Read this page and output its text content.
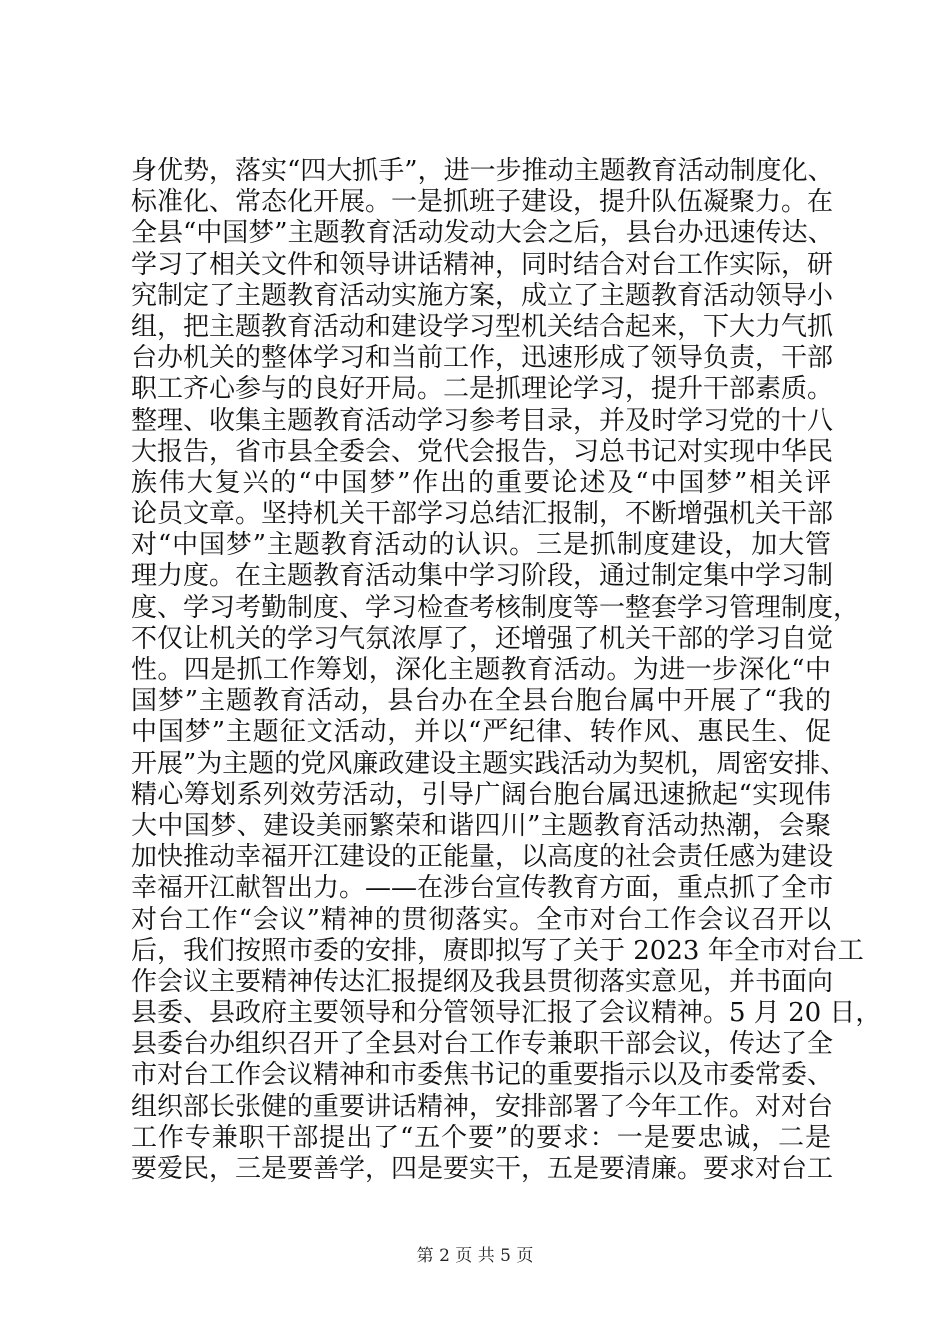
身优势，落实“四大抓手”，进一步推动主题教育活动制度化、
标准化、常态化开展。一是抓班子建设，提升队伍凝聚力。在
全县“中国梦”主题教育活动发动大会之后，县台办迅速传达、
学习了相关文件和领导讲话精神，同时结合对台工作实际，研
究制定了主题教育活动实施方案，成立了主题教育活动领导小
组，把主题教育活动和建设学习型机关结合起来，下大力气抓
台办机关的整体学习和当前工作，迅速形成了领导负责，干部
职工齐心参与的良好开局。二是抓理论学习，提升干部素质。
整理、收集主题教育活动学习参考目录，并及时学习党的十八
大报告，省市县全委会、党代会报告，习总书记对实现中华民
族伟大复兴的“中国梦”作出的重要论述及“中国梦”相关评
论员文章。坚持机关干部学习总结汇报制，不断增强机关干部
对“中国梦”主题教育活动的认识。三是抓制度建设，加大管
理力度。在主题教育活动集中学习阶段，通过制定集中学习制
度、学习考勤制度、学习检查考核制度等一整套学习管理制度，
不仅让机关的学习气氛浓厚了，还增强了机关干部的学习自觉
性。四是抓工作筹划，深化主题教育活动。为进一步深化“中
国梦”主题教育活动，县台办在全县台胞台属中开展了“我的
中国梦”主题征文活动，并以“严纪律、转作风、惠民生、促
开展”为主题的党风廉政建设主题实践活动为契机，周密安排、
精心筹划系列效劳活动，引导广阔台胞台属迅速掀起“实现伟
大中国梦、建设美丽繁荣和谐四川”主题教育活动热潮，会聚
加快推动幸福开江建设的正能量，以高度的社会责任感为建设
幸福开江献智出力。——在涉台宣传教育方面，重点抓了全市
对台工作“会议”精神的贯彻落实。全市对台工作会议召开以
后，我们按照市委的安排，赓即拟写了关于 2023 年全市对台工
作会议主要精神传达汇报提纲及我县贯彻落实意见，并书面向
县委、县政府主要领导和分管领导汇报了会议精神。5 月 20 日，
县委台办组织召开了全县对台工作专兼职干部会议，传达了全
市对台工作会议精神和市委焦书记的重要指示以及市委常委、
组织部长张健的重要讲话精神，安排部署了今年工作。对对台
工作专兼职干部提出了“五个要”的要求：一是要忠诚，二是
要爱民，三是要善学，四是要实干，五是要清廉。要求对台工
第 2 页 共 5 页
